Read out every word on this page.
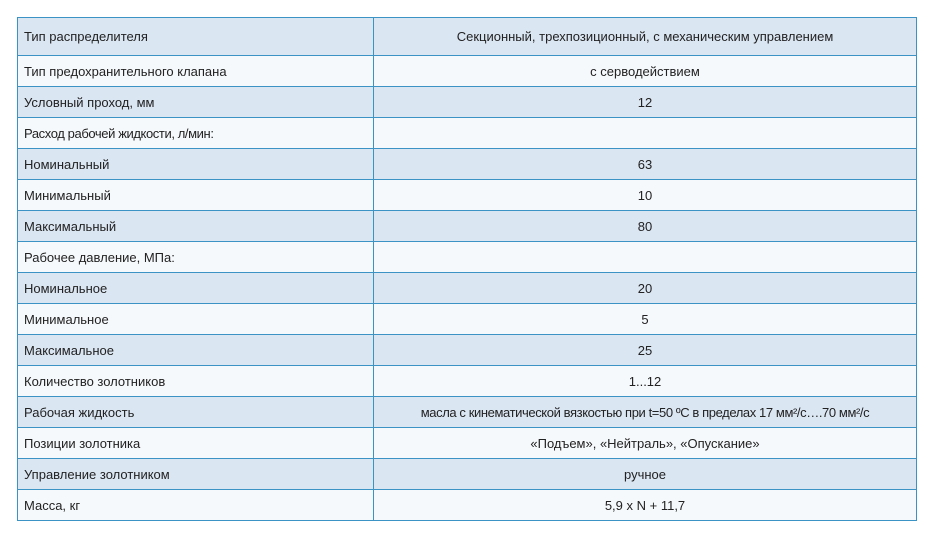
Тип распределителя	Секционный, трехпозиционный, с механическим управлением
Тип предохранительного клапана	с серводействием
Условный проход, мм	12
Расход рабочей жидкости, л/мин:	
Номинальный	63
Минимальный	10
Максимальный	80
Рабочее давление, МПа:	
Номинальное	20
Минимальное	5
Максимальное	25
Количество золотников	1...12
Рабочая жидкость	масла с кинематической вязкостью при t=50 ºС в пределах 17 мм²/с….70 мм²/с
Позиции золотника	«Подъем», «Нейтраль», «Опускание»
Управление золотником	ручное
Масса, кг	5,9 х N + 11,7
